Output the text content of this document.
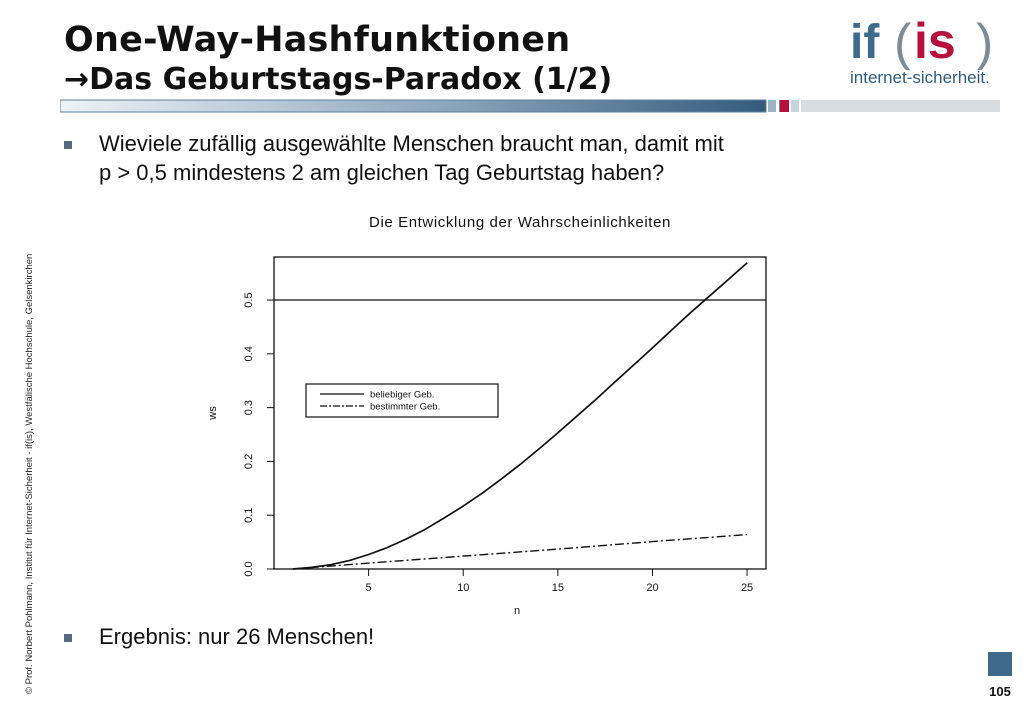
One-Way-Hashfunktionen
→Das Geburtstags-Paradox (1/2)
if ( is )
internet-sicherheit.
© Prof. Norbert Pohlmann, Institut für Internet-Sicherheit - if(is), Westfälische Hochschule, Gelsenkirchen
Wieviele zufällig ausgewählte Menschen braucht man, damit mit
p > 0,5 mindestens 2 am gleichen Tag Geburtstag haben?
Ergebnis: nur 26 Menschen!
Die Entwicklung der Wahrscheinlichkeiten
5	10	15	20	25
0.0
0.1
0.2
0.3
0.4
0.5
n
ws
beliebiger Geb.
bestimmter Geb.
105
